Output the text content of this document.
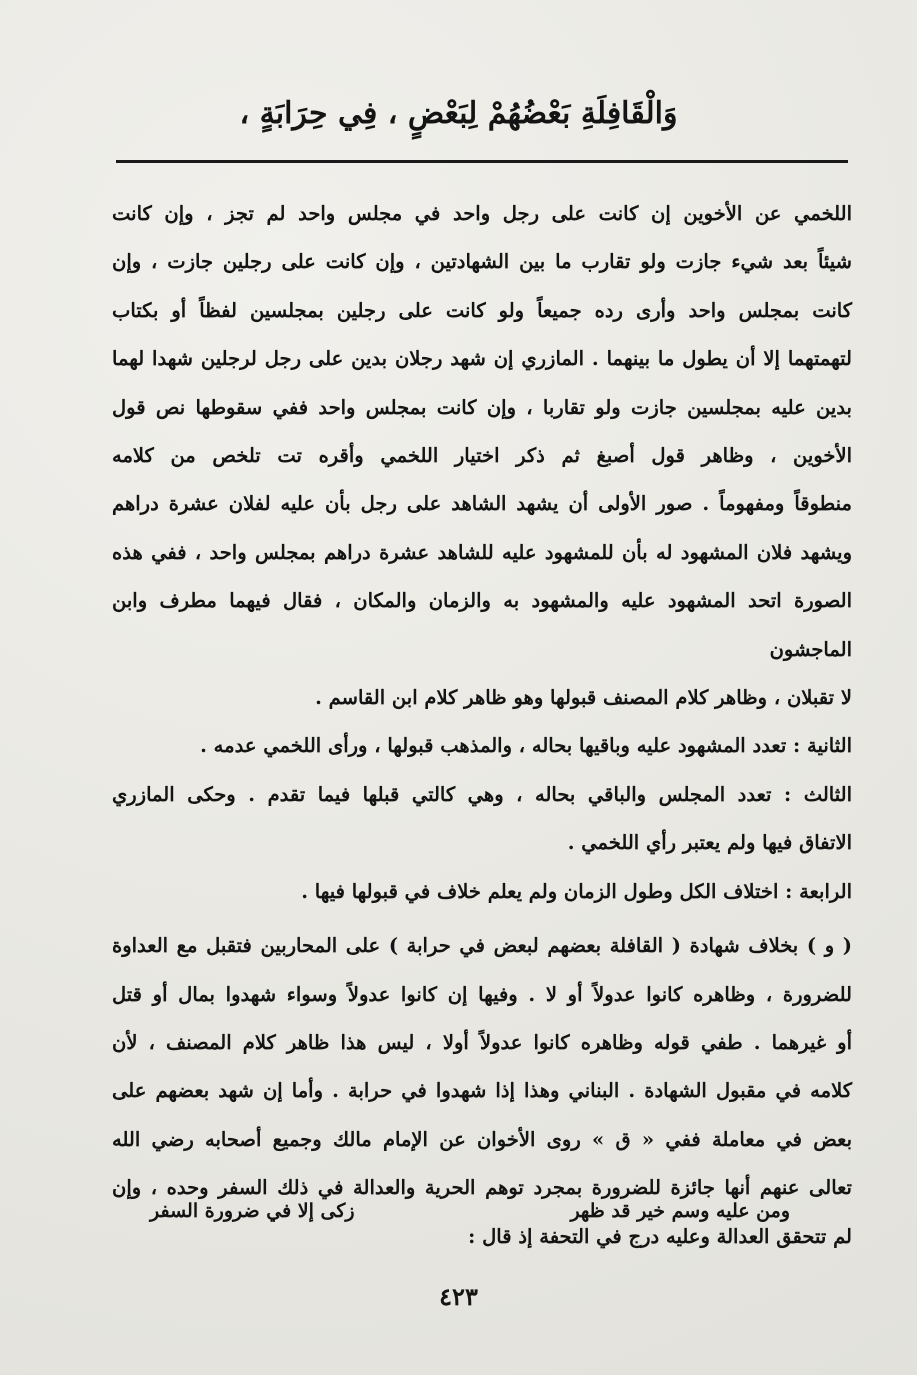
وَالْقَافِلَةِ بَعْضُهُمْ لِبَعْضٍ ، فِي حِرَابَةٍ ،

اللخمي عن الأخوين إن كانت على رجل واحد في مجلس واحد لم تجز ، وإن كانت
شيئاً بعد شيء جازت ولو تقارب ما بين الشهادتين ، وإن كانت على رجلين جازت ، وإن
كانت بمجلس واحد وأرى رده جميعاً ولو كانت على رجلين بمجلسين لفظاً أو بكتاب
لتهمتهما إلا أن يطول ما بينهما . المازري إن شهد رجلان بدين على رجل لرجلين شهدا لهما
بدين عليه بمجلسين جازت ولو تقاربا ، وإن كانت بمجلس واحد ففي سقوطها نص قول
الأخوين ، وظاهر قول أصبغ ثم ذكر اختيار اللخمي وأقره تت تلخص من كلامه
منطوقاً ومفهوماً . صور الأولى أن يشهد الشاهد على رجل بأن عليه لفلان عشرة دراهم
ويشهد فلان المشهود له بأن للمشهود عليه للشاهد عشرة دراهم بمجلس واحد ، ففي هذه
الصورة اتحد المشهود عليه والمشهود به والزمان والمكان ، فقال فيهما مطرف وابن الماجشون
لا تقبلان ، وظاهر كلام المصنف قبولها وهو ظاهر كلام ابن القاسم .

الثانية : تعدد المشهود عليه وباقيها بحاله ، والمذهب قبولها ، ورأى اللخمي عدمه .

الثالث : تعدد المجلس والباقي بحاله ، وهي كالتي قبلها فيما تقدم . وحكى المازري
الاتفاق فيها ولم يعتبر رأي اللخمي .

الرابعة : اختلاف الكل وطول الزمان ولم يعلم خلاف في قبولها فيها .

( و ) بخلاف شهادة ( القافلة بعضهم لبعض في حرابة ) على المحاربين فتقبل مع العداوة
للضرورة ، وظاهره كانوا عدولاً أو لا . وفيها إن كانوا عدولاً وسواء شهدوا بمال أو قتل
أو غيرهما . طفي قوله وظاهره كانوا عدولاً أولا ، ليس هذا ظاهر كلام المصنف ، لأن
كلامه في مقبول الشهادة . البناني وهذا إذا شهدوا في حرابة . وأما إن شهد بعضهم على
بعض في معاملة ففي « ق » روى الأخوان عن الإمام مالك وجميع أصحابه رضي الله
تعالى عنهم أنها جائزة للضرورة بمجرد توهم الحرية والعدالة في ذلك السفر وحده ، وإن
لم تتحقق العدالة وعليه درج في التحفة إذ قال :

ومن عليه وسم خير قد ظهر
زكى إلا في ضرورة السفر
٤٢٣
